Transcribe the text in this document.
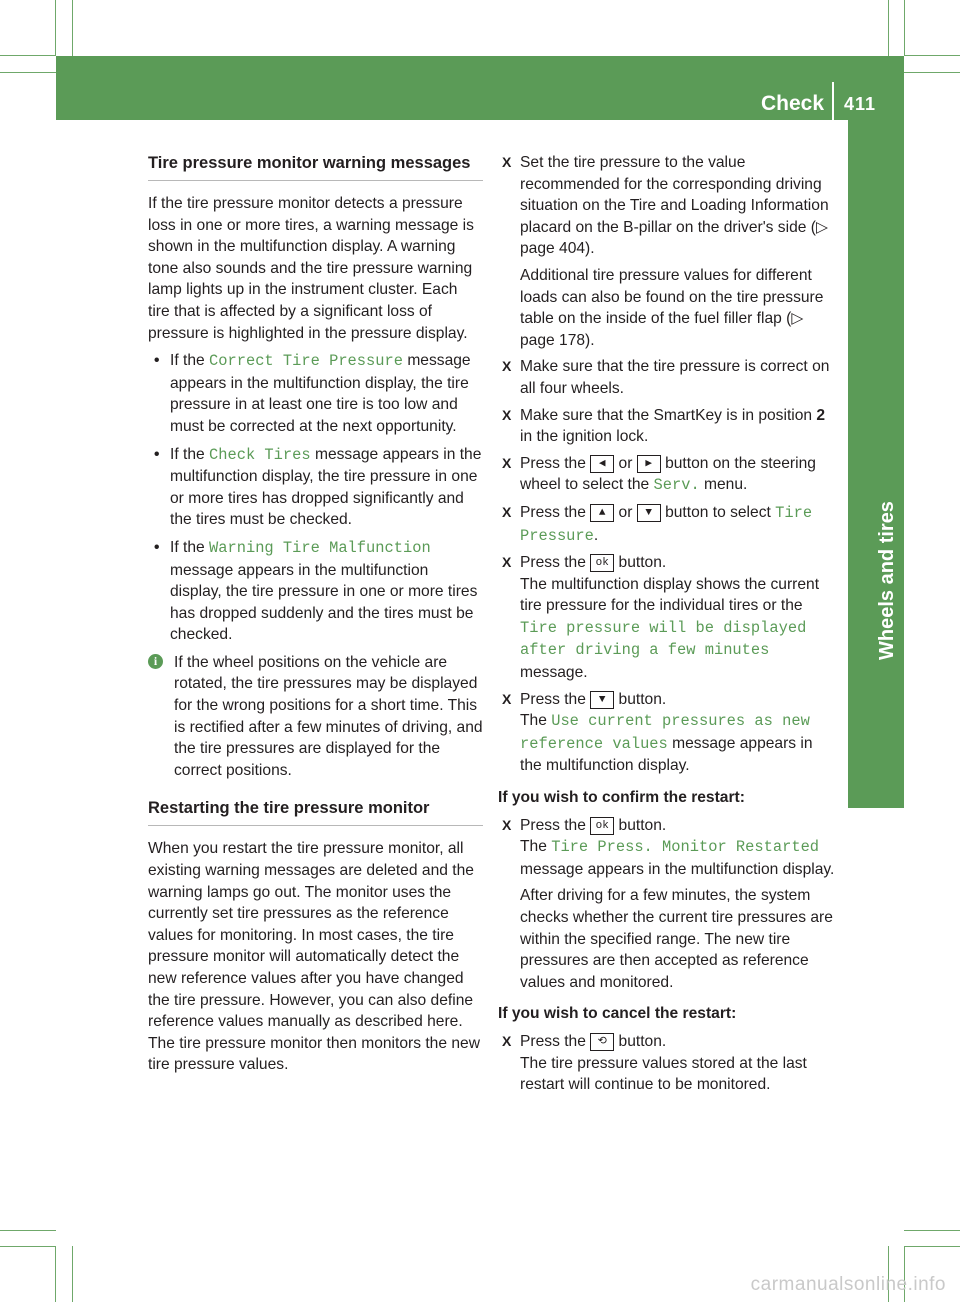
Check 411
Wheels and tires
Tire pressure monitor warning messages

If the tire pressure monitor detects a pressure loss in one or more tires, a warning message is shown in the multifunction display. A warning tone also sounds and the tire pressure warning lamp lights up in the instrument cluster. Each tire that is affected by a significant loss of pressure is highlighted in the pressure display.

• If the Correct Tire Pressure message appears in the multifunction display, the tire pressure in at least one tire is too low and must be corrected at the next opportunity.
• If the Check Tires message appears in the multifunction display, the tire pressure in one or more tires has dropped significantly and the tires must be checked.
• If the Warning Tire Malfunction message appears in the multifunction display, the tire pressure in one or more tires has dropped suddenly and the tires must be checked.
i	If the wheel positions on the vehicle are rotated, the tire pressures may be displayed for the wrong positions for a short time. This is rectified after a few minutes of driving, and the tire pressures are displayed for the correct positions.
Restarting the tire pressure monitor

When you restart the tire pressure monitor, all existing warning messages are deleted and the warning lamps go out. The monitor uses the currently set tire pressures as the reference values for monitoring. In most cases, the tire pressure monitor will automatically detect the new reference values after you have changed the tire pressure. However, you can also define reference values manually as described here. The tire pressure monitor then monitors the new tire pressure values.

X Set the tire pressure to the value recommended for the corresponding driving situation on the Tire and Loading Information placard on the B-pillar on the driver's side (▷ page 404).
Additional tire pressure values for different loads can also be found on the tire pressure table on the inside of the fuel filler flap (▷ page 178).
X Make sure that the tire pressure is correct on all four wheels.
X Make sure that the SmartKey is in position 2 in the ignition lock.
X Press the ◀ or ▶ button on the steering wheel to select the Serv. menu.
X Press the ▲ or ▼ button to select Tire Pressure.
X Press the ok button.
The multifunction display shows the current tire pressure for the individual tires or the Tire pressure will be displayed after driving a few minutes message.
X Press the ▼ button.
The Use current pressures as new reference values message appears in the multifunction display.
If you wish to confirm the restart:
X Press the ok button.
The Tire Press. Monitor Restarted message appears in the multifunction display.
After driving for a few minutes, the system checks whether the current tire pressures are within the specified range. The new tire pressures are then accepted as reference values and monitored.
If you wish to cancel the restart:
X Press the ⟲ button.
The tire pressure values stored at the last restart will continue to be monitored.
carmanualsonline.info
